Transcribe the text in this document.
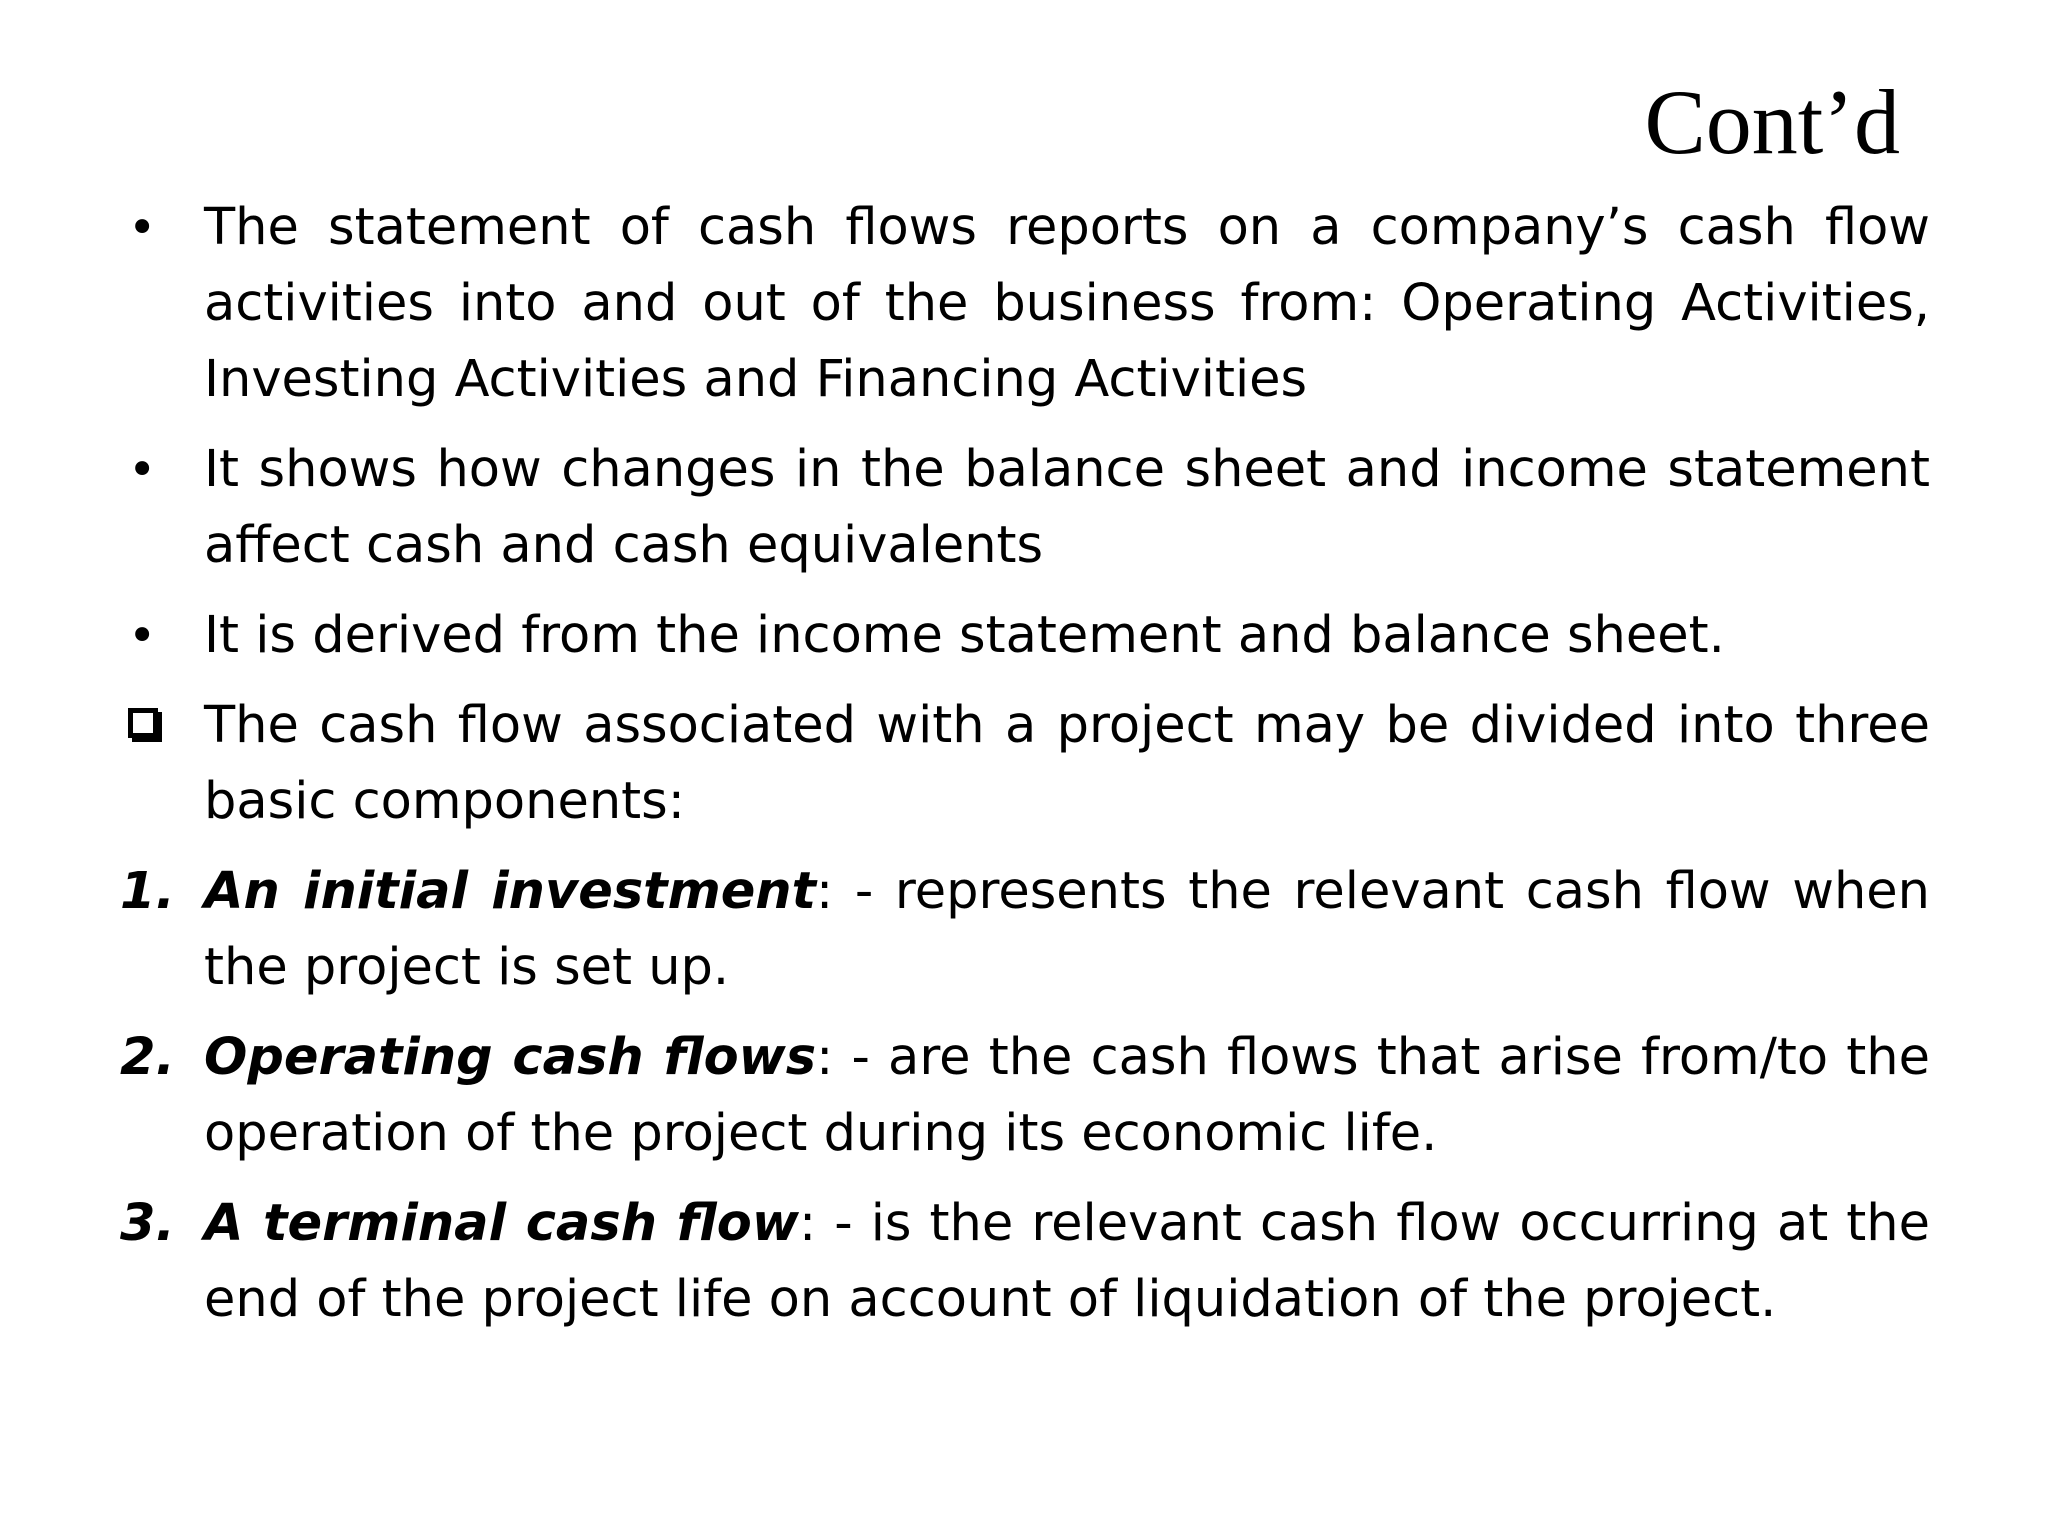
Cont’d
• The statement of cash flows reports on a company’s cash flow activities into and out of the business from: Operating Activities, Investing Activities and Financing Activities

• It shows how changes in the balance sheet and income statement affect cash and cash equivalents

• It is derived from the income statement and balance sheet.

The cash flow associated with a project may be divided into three basic components:

1. An initial investment: - represents the relevant cash flow when the project is set up.

2. Operating cash flows: - are the cash flows that arise from/to the operation of the project during its economic life.

3. A terminal cash flow: - is the relevant cash flow occurring at the end of the project life on account of liquidation of the project.
